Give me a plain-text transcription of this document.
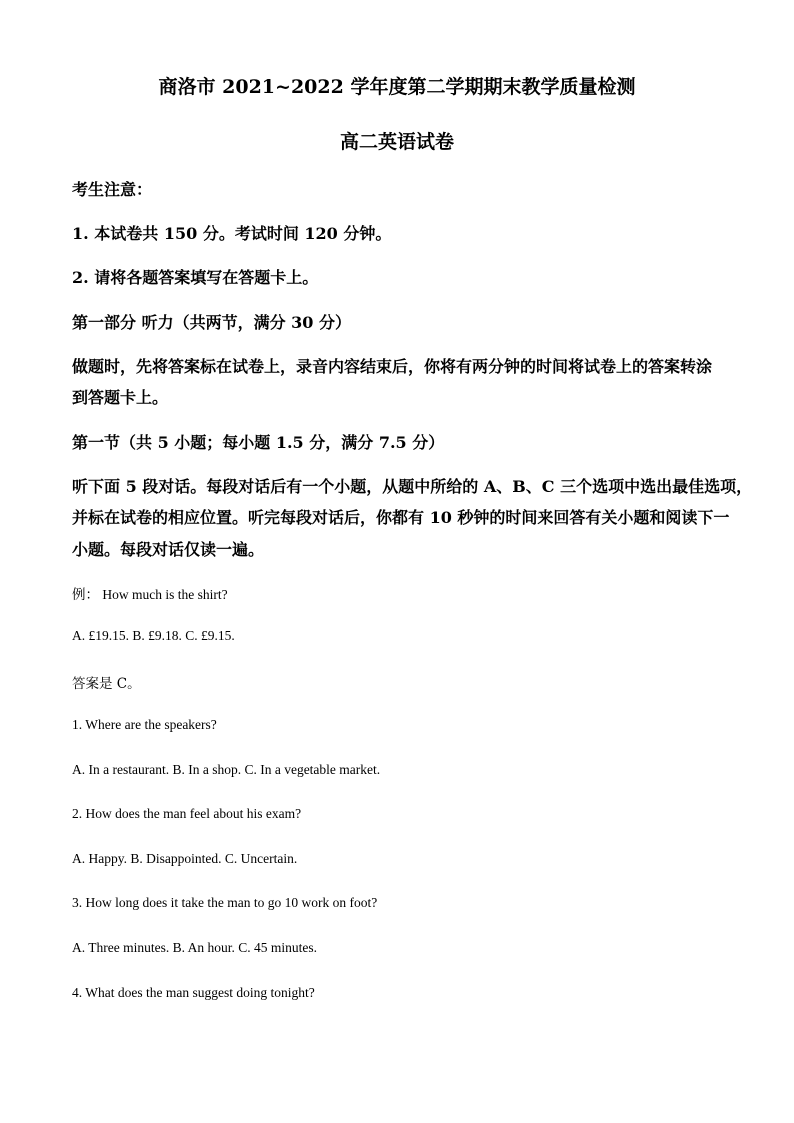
商洛市 2021~2022 学年度第二学期期末教学质量检测
高二英语试卷
考生注意：
1. 本试卷共 150 分。考试时间 120 分钟。
2. 请将各题答案填写在答题卡上。
第一部分 听力（共两节，满分 30 分）
做题时，先将答案标在试卷上，录音内容结束后，你将有两分钟的时间将试卷上的答案转涂
到答题卡上。
第一节（共 5 小题；每小题 1.5 分，满分 7.5 分）
听下面 5 段对话。每段对话后有一个小题，从题中所给的 A、B、C 三个选项中选出最佳选项，
并标在试卷的相应位置。听完每段对话后，你都有 10 秒钟的时间来回答有关小题和阅读下一
小题。每段对话仅读一遍。
例： How much is the shirt?
A. £19.15. B. £9.18. C. £9.15.
答案是 C。
1. Where are the speakers?
A. In a restaurant. B. In a shop. C. In a vegetable market.
2. How does the man feel about his exam?
A. Happy. B. Disappointed. C. Uncertain.
3. How long does it take the man to go 10 work on foot?
A. Three minutes. B. An hour. C. 45 minutes.
4. What does the man suggest doing tonight?
